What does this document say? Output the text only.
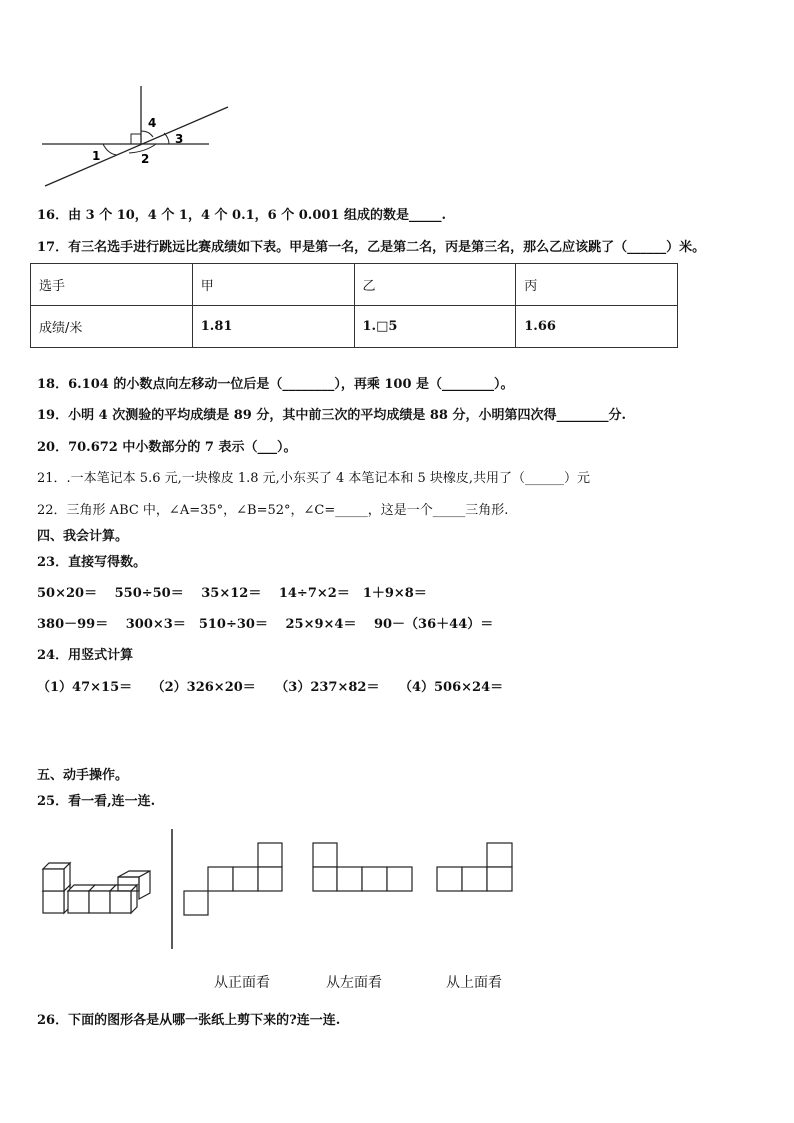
1	2
3
4
16．由 3 个 10，4 个 1，4 个 0.1，6 个 0.001 组成的数是_____.
17．有三名选手进行跳远比赛成绩如下表。甲是第一名，乙是第二名，丙是第三名，那么乙应该跳了（______）米。
选手	甲	乙	丙
成绩/米	1.81	1.□5	1.66
18．6.104 的小数点向左移动一位后是（________），再乘 100 是（________）。
19．小明 4 次测验的平均成绩是 89 分，其中前三次的平均成绩是 88 分，小明第四次得________分.
20．70.672 中小数部分的 7 表示（___）。
21．.一本笔记本 5.6 元,一块橡皮 1.8 元,小东买了 4 本笔记本和 5 块橡皮,共用了（______）元
22．三角形 ABC 中，∠A=35°，∠B=52°，∠C=_____，这是一个_____三角形.
四、我会计算。
23．直接写得数。
50×20＝　 550÷50＝　 35×12＝　 14÷7×2＝　1＋9×8＝
380－99＝　 300×3＝　510÷30＝　 25×9×4＝　 90－（36＋44）＝
24．用竖式计算
（1）47×15＝　　（2）326×20＝　　（3）237×82＝　　（4）506×24＝
五、动手操作。
25．看一看,连一连.
从正面看	从左面看	从上面看
26．下面的图形各是从哪一张纸上剪下来的?连一连.
